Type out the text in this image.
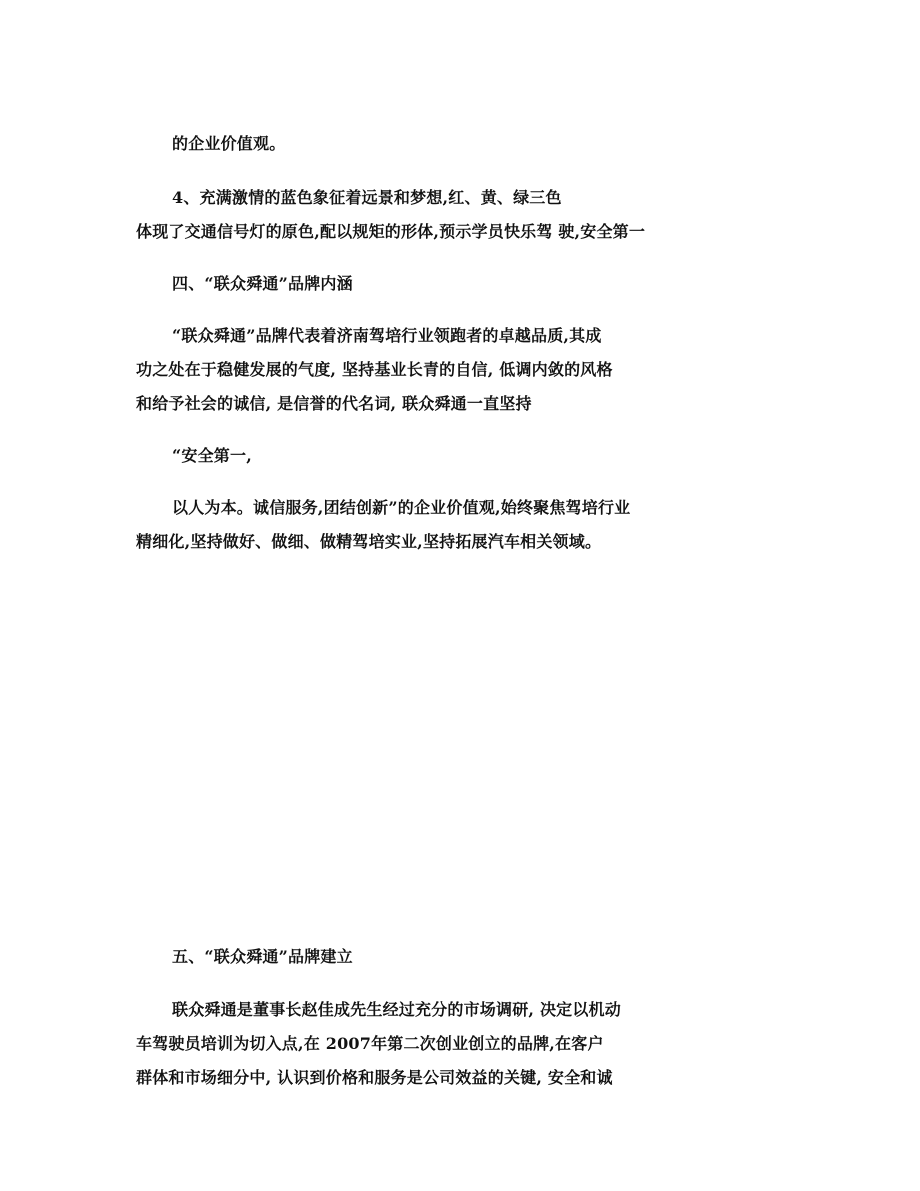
的企业价值观。

4、充满激情的蓝色象征着远景和梦想,红、黄、绿三色

体现了交通信号灯的原色,配以规矩的形体,预示学员快乐驾 驶,安全第一

四、“联众舜通”品牌内涵

“联众舜通”品牌代表着济南驾培行业领跑者的卓越品质,其成

功之处在于稳健发展的气度, 坚持基业长青的自信, 低调内敛的风格

和给予社会的诚信, 是信誉的代名词, 联众舜通一直坚持

“安全第一,

以人为本。诚信服务,团结创新”的企业价值观,始终聚焦驾培行业

精细化,坚持做好、做细、做精驾培实业,坚持拓展汽车相关领域。

五、“联众舜通”品牌建立

联众舜通是董事长赵佳成先生经过充分的市场调研, 决定以机动

车驾驶员培训为切入点,在 2007年第二次创业创立的品牌,在客户

群体和市场细分中, 认识到价格和服务是公司效益的关键, 安全和诚
